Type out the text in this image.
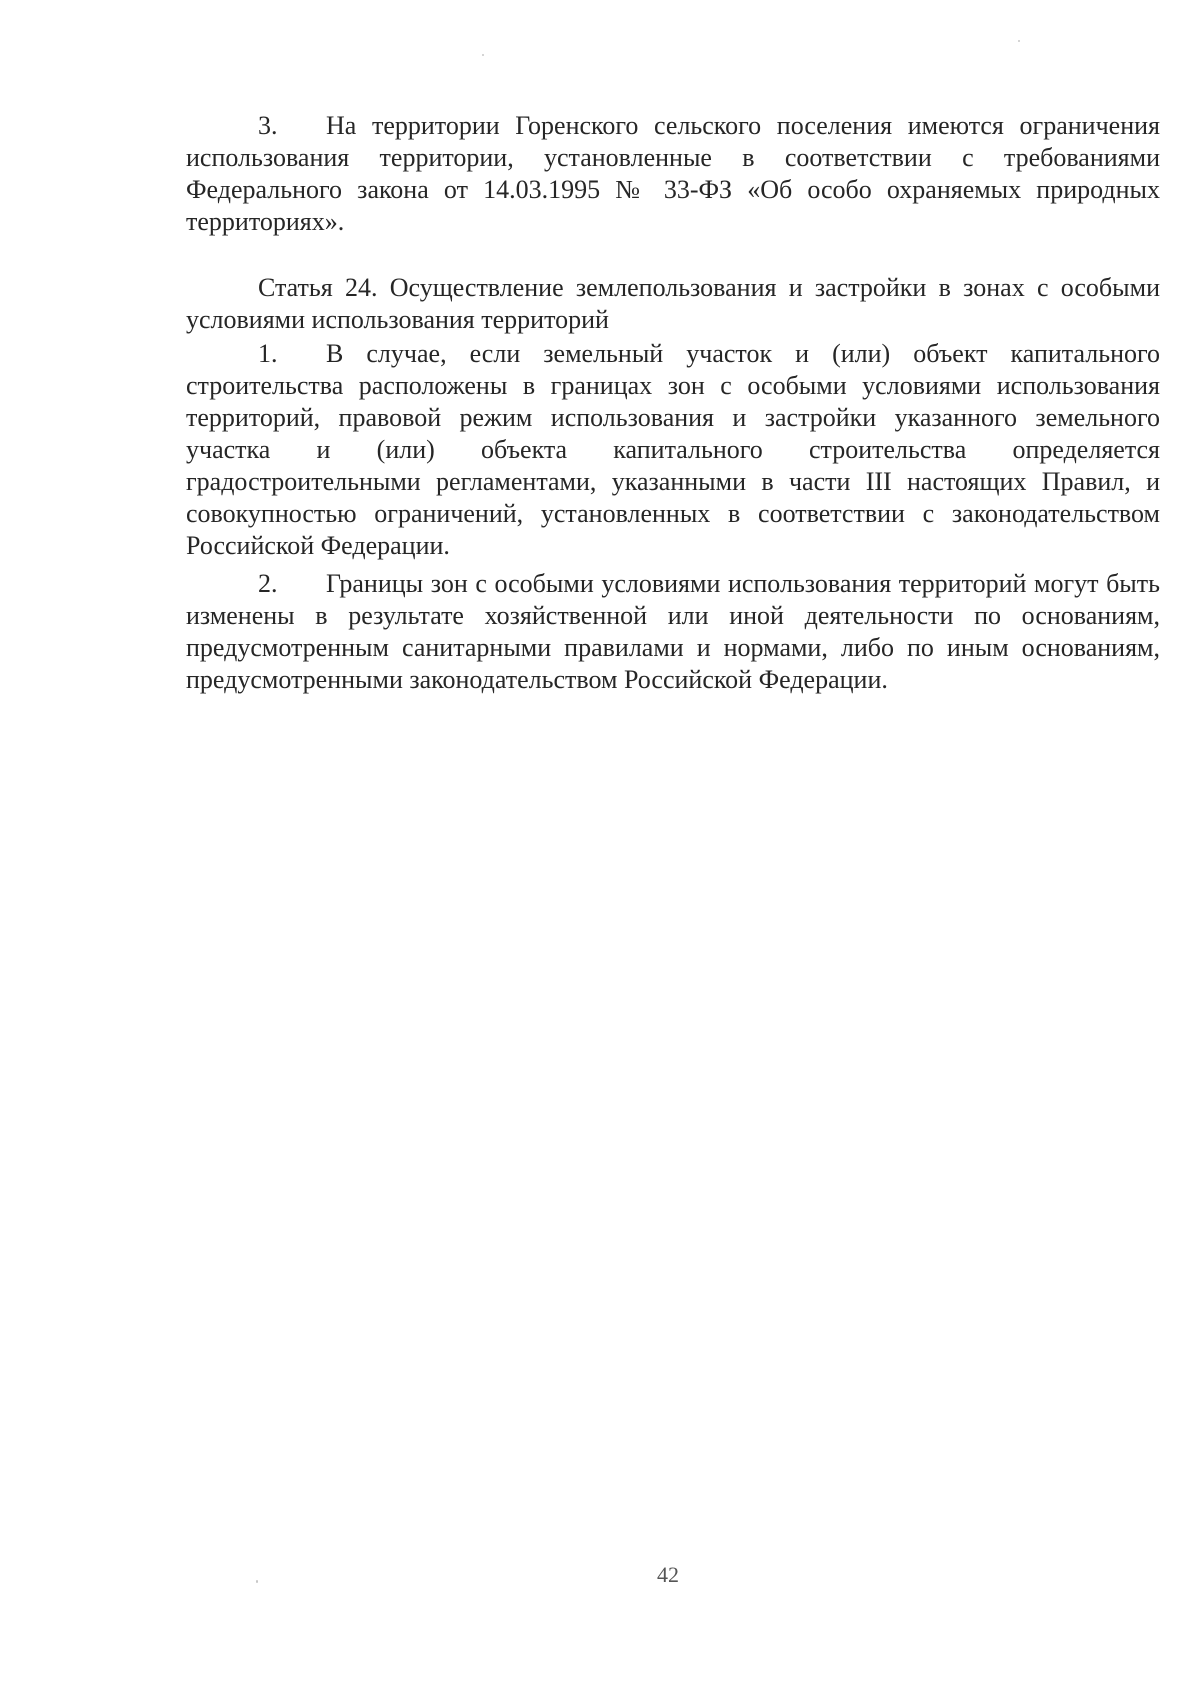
3. На территории Горенского сельского поселения имеются ограничения использования территории, установленные в соответствии с требованиями Федерального закона от 14.03.1995 № 33-ФЗ «Об особо охраняемых природных территориях».

Статья 24. Осуществление землепользования и застройки в зонах с особыми условиями использования территорий

1. В случае, если земельный участок и (или) объект капитального строительства расположены в границах зон с особыми условиями использования территорий, правовой режим использования и застройки указанного земельного участка и (или) объекта капитального строительства определяется градостроительными регламентами, указанными в части III настоящих Правил, и совокупностью ограничений, установленных в соответствии с законодательством Российской Федерации.

2. Границы зон с особыми условиями использования территорий могут быть изменены в результате хозяйственной или иной деятельности по основаниям, предусмотренным санитарными правилами и нормами, либо по иным основаниям, предусмотренными законодательством Российской Федерации.

42
